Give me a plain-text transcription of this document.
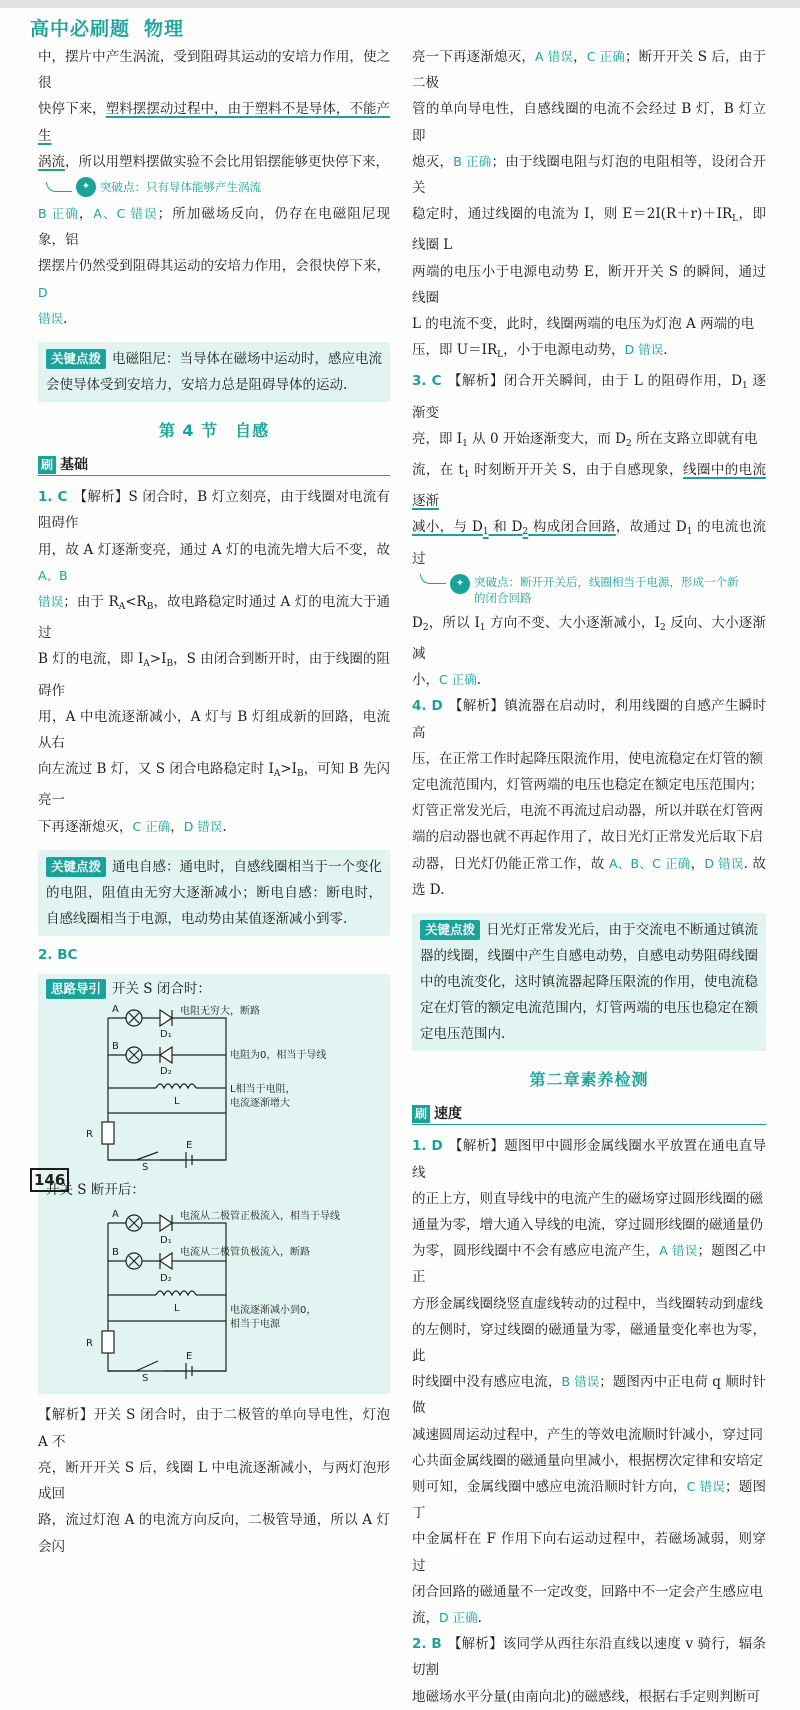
高中必刷题 物理

中，摆片中产生涡流，受到阻碍其运动的安培力作用，使之很

快停下来，塑料摆摆动过程中，由于塑料不是导体，不能产生

涡流，所以用塑料摆做实验不会比用铝摆能够更快停下来，

✦ 突破点：只有导体能够产生涡流

B 正确，A、C 错误；所加磁场反向，仍存在电磁阻尼现象，铝

摆摆片仍然受到阻碍其运动的安培力作用，会很快停下来，D

错误.

关键点拨 电磁阻尼：当导体在磁场中运动时，感应电流会使导体受到安培力，安培力总是阻碍导体的运动.
第 4 节　自感
刷 基础

1. C 【解析】S 闭合时，B 灯立刻亮，由于线圈对电流有阻碍作

用，故 A 灯逐渐变亮，通过 A 灯的电流先增大后不变，故 A、B

错误；由于 $R_A<R_B$，故电路稳定时通过 A 灯的电流大于通过

B 灯的电流，即 $I_A>I_B$，S 由闭合到断开时，由于线圈的阻碍作

用，A 中电流逐渐减小，A 灯与 B 灯组成新的回路，电流从右

向左流过 B 灯，又 S 闭合电路稳定时 $I_A>I_B$，可知 B 先闪亮一

下再逐渐熄灭，C 正确，D 错误.

关键点拨 通电自感：通电时，自感线圈相当于一个变化的电阻，阻值由无穷大逐渐减小；断电自感：断电时，自感线圈相当于电源，电动势由某值逐渐减小到零.

2. BC

思路导引 开关 S 闭合时：
A
B
D₁
D₂
L
R
E
S
电阻无穷大，断路
电阻为0，相当于导线
L相当于电阻，
电流逐渐增大
开关 S 断开后：
A
B
D₁
D₂
L
R
E
S
电流从二极管正极流入，相当于导线
电流从二极管负极流入，断路
电流逐渐减小到0，
相当于电源

【解析】开关 S 闭合时，由于二极管的单向导电性，灯泡 A 不

亮，断开开关 S 后，线圈 L 中电流逐渐减小，与两灯泡形成回

路，流过灯泡 A 的电流方向反向，二极管导通，所以 A 灯会闪

亮一下再逐渐熄灭，A 错误，C 正确；断开开关 S 后，由于二极

管的单向导电性，自感线圈的电流不会经过 B 灯，B 灯立即

熄灭，B 正确；由于线圈电阻与灯泡的电阻相等，设闭合开关

稳定时，通过线圈的电流为 I，则 $E=2I(R+r)+IR_L$，即线圈 L

两端的电压小于电源电动势 E，断开开关 S 的瞬间，通过线圈

L 的电流不变，此时，线圈两端的电压为灯泡 A 两端的电

压，即 $U=IR_L$，小于电源电动势，D 错误.

3. C 【解析】闭合开关瞬间，由于 L 的阻碍作用，$D_1$ 逐渐变

亮，即 $I_1$ 从 0 开始逐渐变大，而 $D_2$ 所在支路立即就有电

流，在 $t_1$ 时刻断开开关 S，由于自感现象，线圈中的电流逐渐

减小，与 $D_1$ 和 $D_2$ 构成闭合回路，故通过 $D_1$ 的电流也流过

✦ 突破点：断开开关后，线圈相当于电源，形成一个新
的闭合回路

$D_2$，所以 $I_1$ 方向不变、大小逐渐减小，$I_2$ 反向、大小逐渐减

小，C 正确.

4. D 【解析】镇流器在启动时，利用线圈的自感产生瞬时高

压，在正常工作时起降压限流作用，使电流稳定在灯管的额

定电流范围内，灯管两端的电压也稳定在额定电压范围内；

灯管正常发光后，电流不再流过启动器，所以并联在灯管两

端的启动器也就不再起作用了，故日光灯正常发光后取下启

动器，日光灯仍能正常工作，故 A、B、C 正确，D 错误. 故选 D.

关键点拨 日光灯正常发光后，由于交流电不断通过镇流器的线圈，线圈中产生自感电动势，自感电动势阻碍线圈中的电流变化，这时镇流器起降压限流的作用，使电流稳定在灯管的额定电流范围内，灯管两端的电压也稳定在额定电压范围内.
第二章素养检测
刷 速度

1. D 【解析】题图甲中圆形金属线圈水平放置在通电直导线

的正上方，则直导线中的电流产生的磁场穿过圆形线圈的磁

通量为零，增大通入导线的电流，穿过圆形线圈的磁通量仍

为零，圆形线圈中不会有感应电流产生，A 错误；题图乙中正

方形金属线圈绕竖直虚线转动的过程中，当线圈转动到虚线

的左侧时，穿过线圈的磁通量为零，磁通量变化率也为零，此

时线圈中没有感应电流，B 错误；题图丙中正电荷 q 顺时针做

减速圆周运动过程中，产生的等效电流顺时针减小，穿过同

心共面金属线圈的磁通量向里减小，根据楞次定律和安培定

则可知，金属线圈中感应电流沿顺时针方向，C 错误；题图丁

中金属杆在 F 作用下向右运动过程中，若磁场减弱，则穿过

闭合回路的磁通量不一定改变，回路中不一定会产生感应电

流，D 正确.

2. B 【解析】该同学从西往东沿直线以速度 v 骑行，辐条切割

地磁场水平分量(由南向北)的磁感线，根据右手定则判断可

146
